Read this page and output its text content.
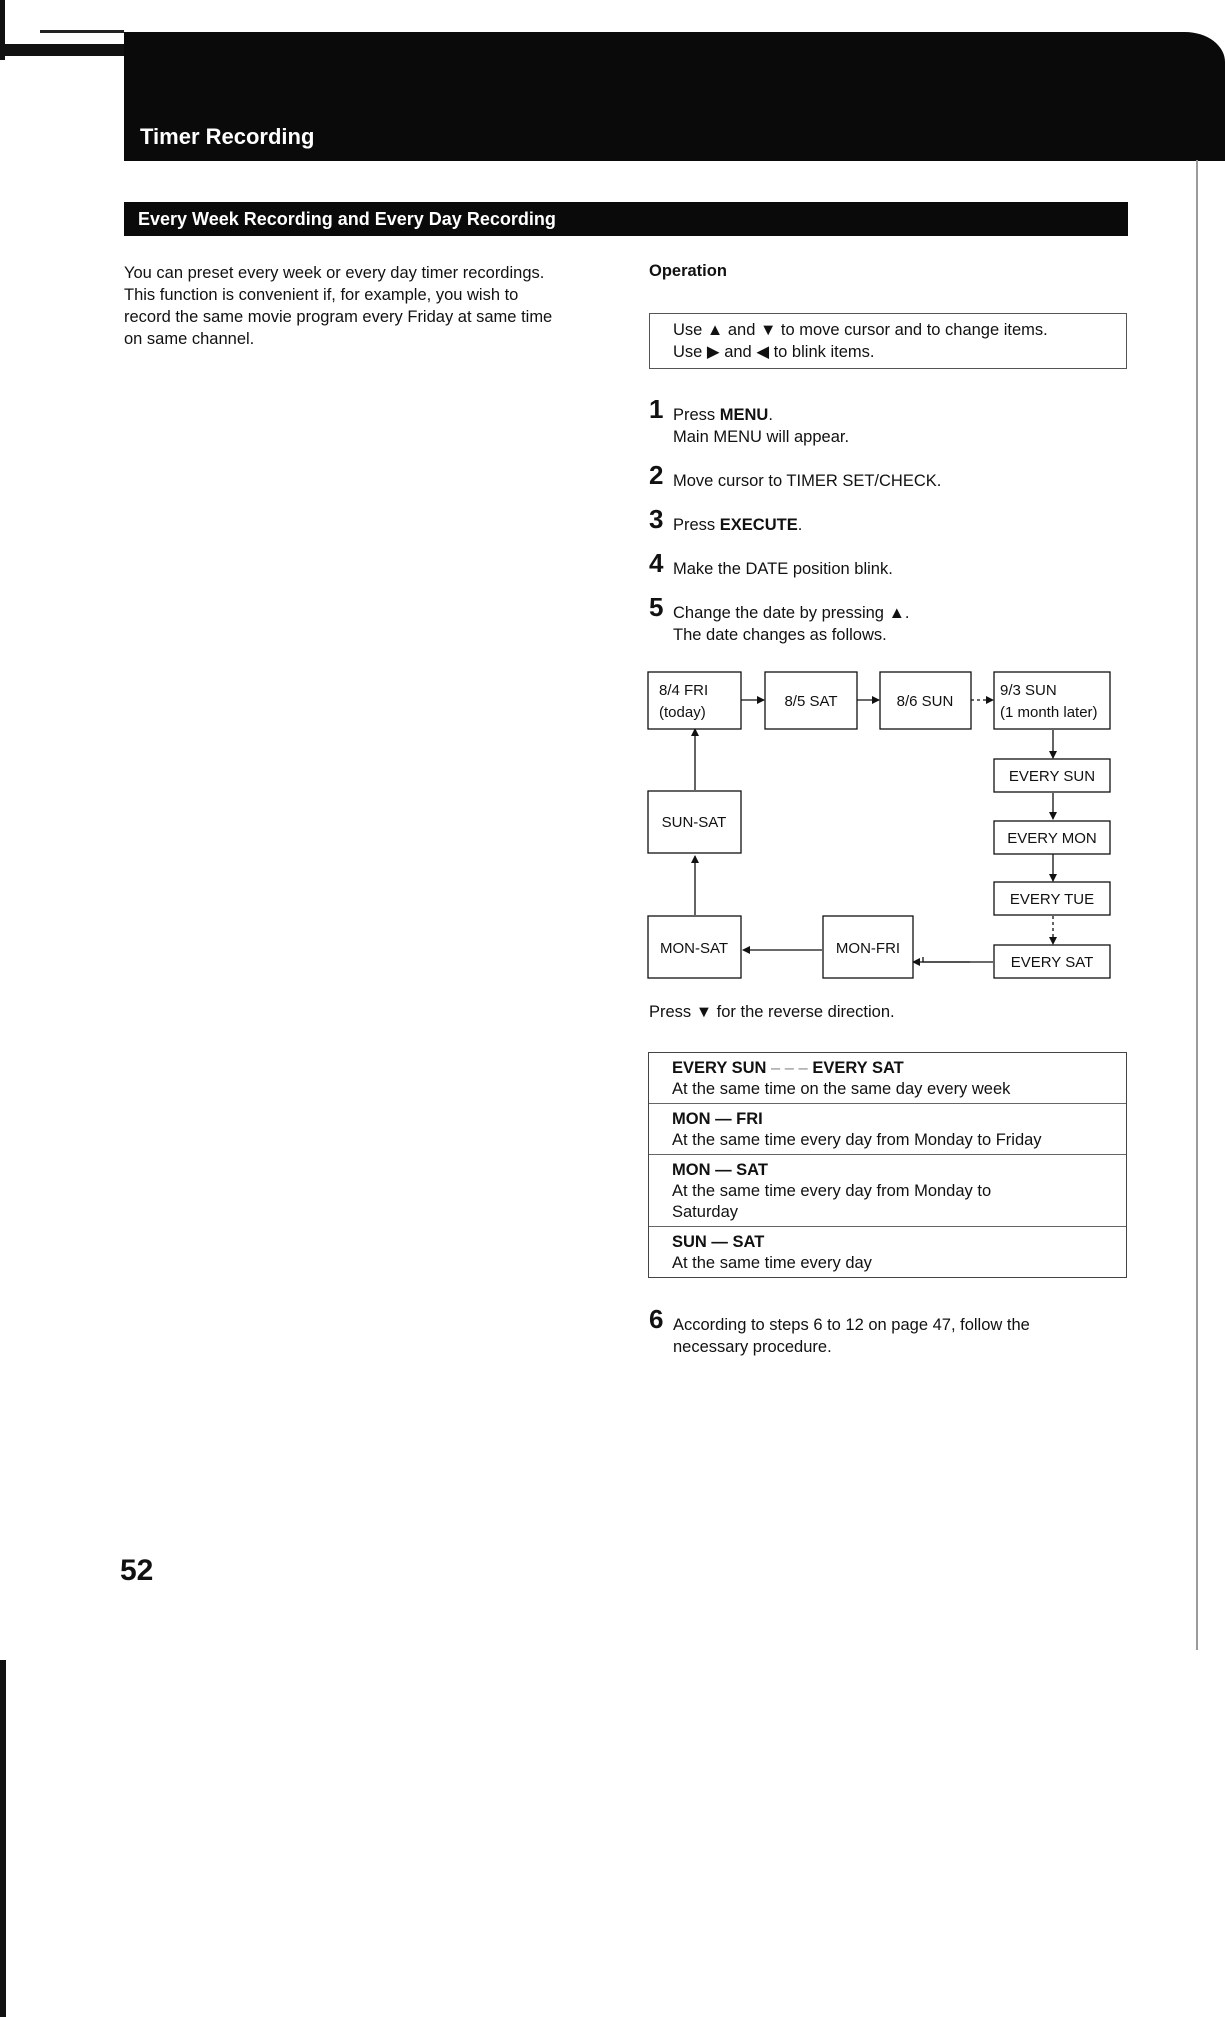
Timer Recording
Every Week Recording and Every Day Recording
You can preset every week or every day timer recordings.
This function is convenient if, for example, you wish to
record the same movie program every Friday at same time
on same channel.
Operation
Use ▲ and ▼ to move cursor and to change items.
Use ▶ and ◀ to blink items.
1 Press MENU.
Main MENU will appear.
2 Move cursor to TIMER SET/CHECK.
3 Press EXECUTE.
4 Make the DATE position blink.
5 Change the date by pressing ▲.
The date changes as follows.
8/4 FRI
(today)
8/5 SAT	8/6 SUN
9/3 SUN
(1 month later)
EVERY SUN
EVERY MON
EVERY TUE
EVERY SAT
MON-FRI
MON-SAT
SUN-SAT
Press ▼ for the reverse direction.
EVERY SUN – – – EVERY SAT
At the same time on the same day every week
MON — FRI
At the same time every day from Monday to Friday
MON — SAT
At the same time every day from Monday to Saturday
SUN — SAT
At the same time every day
6 According to steps 6 to 12 on page 47, follow the
necessary procedure.
52
